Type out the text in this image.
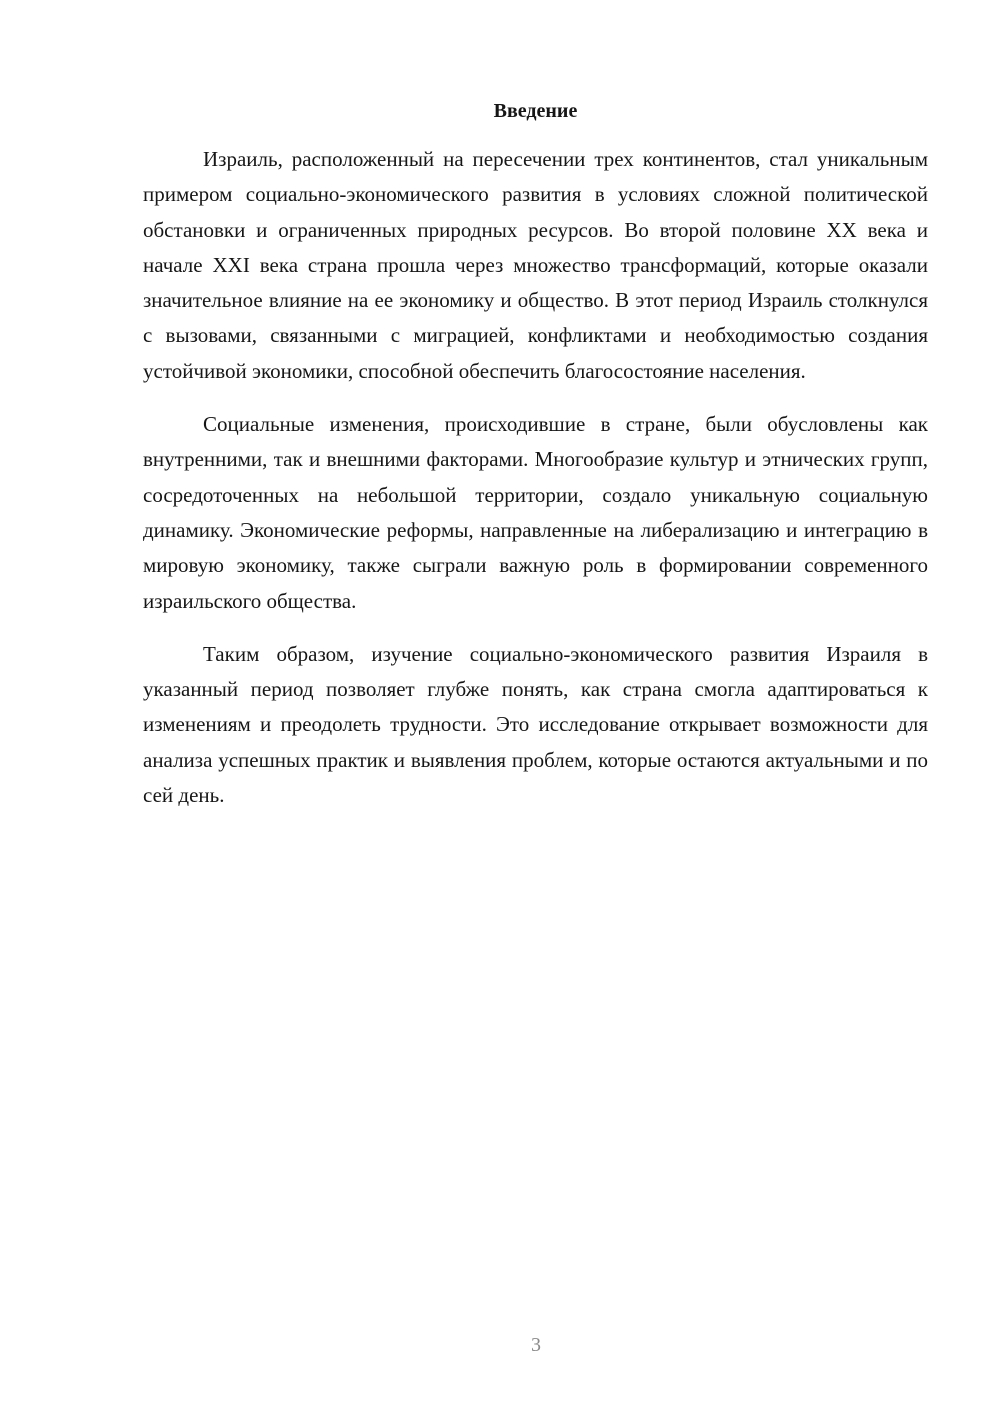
Введение

Израиль, расположенный на пересечении трех континентов, стал уникальным примером социально-экономического развития в условиях сложной политической обстановки и ограниченных природных ресурсов. Во второй половине XX века и начале XXI века страна прошла через множество трансформаций, которые оказали значительное влияние на ее экономику и общество. В этот период Израиль столкнулся с вызовами, связанными с миграцией, конфликтами и необходимостью создания устойчивой экономики, способной обеспечить благосостояние населения.

Социальные изменения, происходившие в стране, были обусловлены как внутренними, так и внешними факторами. Многообразие культур и этнических групп, сосредоточенных на небольшой территории, создало уникальную социальную динамику. Экономические реформы, направленные на либерализацию и интеграцию в мировую экономику, также сыграли важную роль в формировании современного израильского общества.

Таким образом, изучение социально-экономического развития Израиля в указанный период позволяет глубже понять, как страна смогла адаптироваться к изменениям и преодолеть трудности. Это исследование открывает возможности для анализа успешных практик и выявления проблем, которые остаются актуальными и по сей день.

3
